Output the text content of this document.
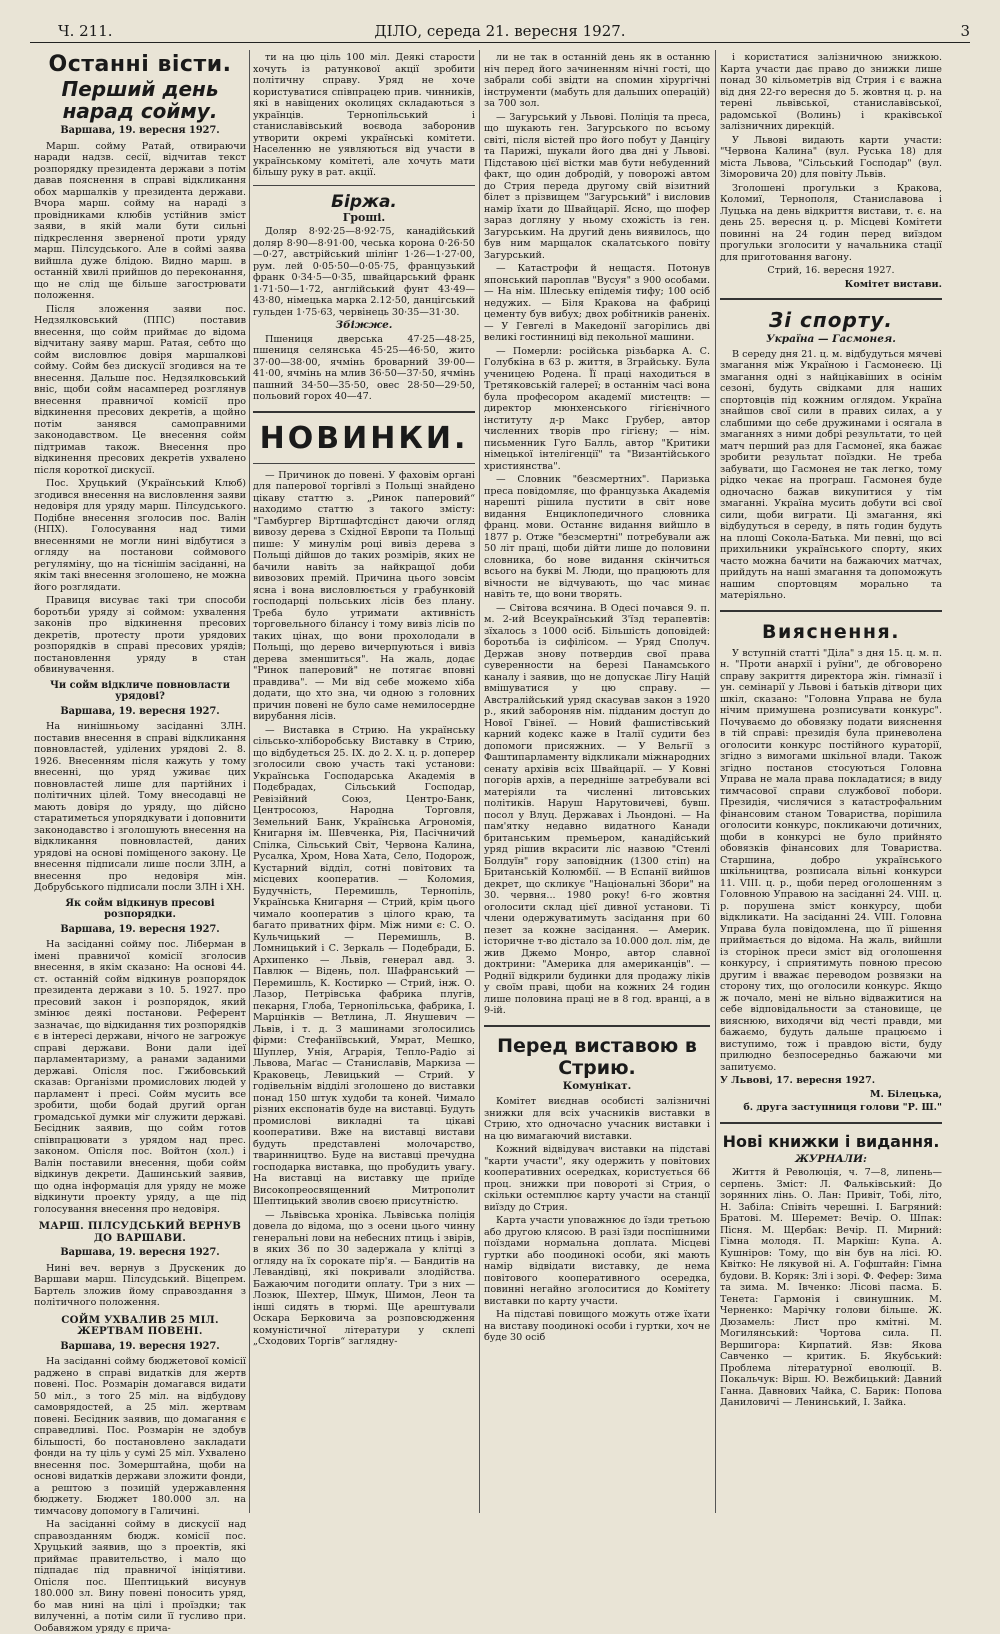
Ч. 211.	ДІЛО, середа 21. вересня 1927.	3
Останні вісти.
Перший день нарад сойму.
Варшава, 19. вересня 1927.

Марш. сойму Ратай, отвираючи наради надзв. сесії, відчитав текст розпорядку президента держави з потім давав пояснення в справі відкликання обох маршалків у президента держави. Вчора марш. сойму на нараді з провідниками клюбів устійнив зміст заяви, в якій мали бути сильні підкреслення зверненої проти уряду марш. Пілсудського. Але в соймі заява вийшла дуже блідою. Видно марш. в останній хвилі прийшов до переконання, що не слід ще більше загострювати положення.

Після зложення заяви пос. Недзялковський (ППС) поставив внесення, що сойм приймає до відома відчитану заяву марш. Ратая, себто що сойм висловлює довіря маршалкові сойму. Сойм без дискусії згодився на те внесення. Дальше пос. Недзялковський вніс, щоби сойм насамперед розглянув внесення правничої комісії про відкинення пресових декретів, а щойно потім занявся самоправними законодавством. Це внесення сойм підтримав також. Внесення про відкинення пресових декретів ухвалено після короткої дискусії.

Пос. Хруцький (Український Клюб) згодився внесення на висловлення заяви недовіря для уряду марш. Пілсудського. Подібне внесення зголосив пос. Валін (НПХ). Голосування над тими внесеннями не могли нині відбутися з огляду на постанови соймового регуляміну, що на тіснішім засіданні, на якім такі внесення зголошено, не можна його розглядати.

Правиця висуває такі три способи боротьби уряду зі соймом: ухвалення законів про відкинення пресових декретів, протесту проти урядових розпорядків в справі пресових урядів; постановлення уряду в стан обвинувачення.

Чи сойм відкличе повновласти урядові?
Варшава, 19. вересня 1927.

На нинішньому засіданні ЗЛН. поставив внесення в справі відкликання повновластей, уділених урядові 2. 8. 1926. Внесенням після кажуть у тому внесенні, що уряд уживає цих повновластей лише для партійних і політичних цілей. Тому внесодавці не мають довіря до уряду, що дійсно старатиметься упорядкувати і доповнити законодавство і зголошують внесення на відкликання повновластей, даних урядові на основі поміщеного закону. Це внесення підписали лише посли ЗЛН, а внесення про недовіря мін. Добрубського підписали посли ЗЛН і ХН.

Як сойм відкинув пресові розпорядки.
Варшава, 19. вересня 1927.

На засіданні сойму пос. Ліберман в імені правничої комісії зголосив внесення, в якім сказано: На основі 44. ст. останній сойм відкинув розпорядок президента держави з 10. 5. 1927. про пресовий закон і розпорядок, який змінює деякі постанови. Референт зазначає, що відкидання тих розпорядків є в інтересі держави, нічого не загрожує справі держави. Вони дали ідеї парламентаризму, а ранами заданими державі. Опісля пос. Гжибовський сказав: Організми промислових людей у парламент і пресі. Сойм мусить все зробити, щоби бодай другий орган громадської думки міг служити державі. Бесідник заявив, що сойм готов співпрацювати з урядом над прес. законом. Опісля пос. Войтон (хол.) і Валін поставили внесення, щоби сойм відкинув декрети. Дашинський заявив, що одна інформація для уряду не може відкинути проекту уряду, а ще під голосування внесення про недовіря.

МАРШ. ПІЛСУДСЬКИЙ ВЕРНУВ ДО ВАРШАВИ.
Варшава, 19. вересня 1927.

Нині веч. вернув з Друскеник до Варшави марш. Пілсудський. Віцепрем. Бартель зложив йому справоздання з політичного положення.

СОЙМ УХВАЛИВ 25 МІЛ. ЖЕРТВАМ ПОВЕНІ.
Варшава, 19. вересня 1927.

На засіданні сойму бюджетової комісії раджено в справі видатків для жертв повені. Пос. Розмарін домагався видати 50 міл., з того 25 міл. на відбудову самоврядостей, а 25 міл. жертвам повені. Бесідник заявив, що домагання є справедливі. Пос. Розмарін не здобув більшості, бо постановлено закладати фонди на ту ціль у сумі 25 міл. Ухвалено внесення пос. Зомерштайна, щоби на основі видатків держави зложити фонди, а рештою з позицій удержавлення бюджету. Бюджет 180.000 зл. на тимчасову допомогу в Галичині.

На засіданні сойму в дискусії над справозданням бюдж. комісії пос. Хруцький заявив, що з проектів, які приймає правительство, і мало що підпадає під правничої ініціятиви. Опісля пос. Шептицький висунув 180.000 зл. Вину повені поносить уряд, бо мав нині на цілі і проїздки; так вилученні, а потім сили її гусливо при. Ообавяжом уряду є прича-

ти на цю ціль 100 міл. Деякі старости хочуть із ратункової акції зробити політичну справу. Уряд не хоче користуватися співпрацею прив. чинників, які в навіщених околицях складаються з українців. Тернопільський і станиславівський воєвода заборонив утворити окремі українські комітети. Населенню не уявляються від участи в українському комітеті, але хочуть мати більшу руку в рат. акції.

Біржа.
Гроші.

Доляр 8·92·25—8·92·75, канадійський доляр 8·90—8·91·00, чеська корона 0·26·50—0·27, австрійський шілінг 1·26—1·27·00, рум. лей 0·05·50—0·05·75, французький франк 0·34·5—0·35, швайцарський франк 1·71·50—1·72, англійський фунт 43·49—43·80, німецька марка 2.12·50, данцігський гульден 1·75·63, червінець 30·35—31·30.

Збіжже.

Пшениця дверська 47·25—48·25, пшениця селянська 45·25—46·50, жито 37·00—38·00, ячмінь броварний 39·00—41·00, ячмінь на млив 36·50—37·50, ячмінь пашний 34·50—35·50, овес 28·50—29·50, польовий горох 40—47.

НОВИНКИ.

— Причинок до повені. У фаховім органі для паперової торгівлі з Польщі знайдено цікаву статтю з. „Ринок паперовий“ находимо статтю з такого змісту: "Гамбургер Віртшафтсдінст даючи огляд вивозу дерева з Східної Европи та Польщі пише: У минулім році вивіз дерева з Польщі дійшов до таких розмірів, яких не бачили навіть за найкращої доби вивозових премій. Причина цього зовсім ясна і вона висловлюється у грабунковій господарці польських лісів без плану. Треба було утримати активність торговельного білансу і тому вивіз лісів по таких цінах, що вони прохолодали в Польщі, що дерево вичерпуються і вивіз дерева зменшиться". На жаль, додає "Ринок паперовий" не потягає вповні правдива". — Ми від себе можемо хіба додати, що хто зна, чи одною з головних причин повені не було саме немилосердне вирубання лісів.

— Виставка в Стрию. На українську сільсько-хліборобську Виставку в Стрию, що відбудеться 25. IX. до 2. X. ц. р. доперер зголосили свою участь такі установи: Українська Господарська Академія в Подєбрадах, Сільський Господар, Ревізійний Союз, Центро-Банк, Центросоюз, Народна Торговля, Земельний Банк, Українська Агрономія, Книгарня ім. Шевченка, Рія, Пасічничий Спілка, Сільський Світ, Червона Калина, Русалка, Хром, Нова Хата, Село, Подорож, Кустарний відділ, сотні повітових та місцевих кооператив. — Коломия, Будучність, Перемишль, Тернопіль, Українська Книгарня — Стрий, крім цього чимало кооператив з цілого краю, та багато приватних фірм. Між ними є: С. О. Кульчицький — Перемишль, В. Ломницький і С. Зеркаль — Подебради, Б. Архипенко — Львів, генерал авд. З. Павлюк — Відень, пол. Шафранський — Перемишль, К. Костирко — Стрий, інж. О. Лазор, Петрівська фабрика плугів, пекарня, Глоба, Тернопільська, фабрика, І. Марцінків — Ветлина, Л. Янушевич — Львів, і т. д. З машинами зголосились фірми: Стефаніївський, Умрат, Мешко, Шуплер, Унія, Аграрія, Тепло-Радіо зі Львова, Маґас — Станиславів, Маркиза — Краковець, Левицький — Стрий. У годівельнім відділі зголошено до виставки понад 150 штук худоби та коней. Чимало різних експонатів буде на виставці. Будуть промислові викладні та цікаві кооперативи. Вже на виставці вистави будуть представлені молочарство, тваринництво. Буде на виставці пречудна господарка виставка, що пробудить увагу. На виставці на виставку ще приїде Високопреосвященний Митрополит Шептицький зволив своєю присутністю.

— Львівська хроніка. Львівська поліція довела до відома, що з осени цього чинну генеральні лови на небесних птиць і звірів, в яких 36 по 30 задержала у клітці з огляду на їх сорокате пір'я. — Бандитів на Левандівці, які покривали злодійства. Бажаючим погодити оплату. Три з них — Лозюк, Шехтер, Шмук, Шимон, Леон та інші сидять в тюрмі. Ще арештували Оскара Берковича за розповсюдження комуністичної літератури у склепі „Сходових Торгів“ заглядну-

ли не так в останній день як в останню ніч перед його зачиненням нічні гості, що забрали собі звідти на спомин хірургічні інструменти (мабуть для дальших операцій) за 700 зол.

— Загурський у Львові. Поліція та преса, що шукають ген. Загурського по всьому світі, після вістей про його побут у Данцігу та Парижі, шукали його два дні у Львові. Підставою цієї вістки мав бути небуденний факт, що один добродій, у поворожі автом до Стрия переда другому свій візитний білет з прізвищем "Загурський" і висловив намір їхати до Швайцарії. Ясно, що шофер зараз догляну у ньому схожість із ген. Загурським. На другий день виявилось, що був ним марщалок скалатського повіту Загурський.

— Катастрофи й нещастя. Потонув японський пароплав "Вусуя" з 900 особами. — На нім. Шлеську епідемія тифу; 100 осіб недужих. — Біля Кракова на фабриці цементу був вибух; двох робітників раненіх. — У Гевгелі в Македонії загорілись дві великі гостинниці від пекольної машини.

— Померли: російська різьбарка А. С. Голубкіна в 63 р. життя, в Зграйську. Була ученицею Родена. Її праці находиться в Третяковській галереї; в останнім часі вона була професором академії мистецтв: — директор мюнхенського гігієнічного інституту д-р Макс Грубер, автор численних творів про гігієну; — нім. письменник Гуго Балль, автор "Критики німецької інтелігенції" та "Византійського християнства".

— Словник "безсмертних". Паризька преса повідомляє, що французька Академія нарешті рішила пустити в світ нове видання Енциклопедичного словника франц. мови. Останнє видання вийшло в 1877 р. Отже "безсмертні" потребували аж 50 літ праці, щоби дійти лише до половини словника, бо нове видання скінчиться всього на букві М. Люди, що працюють для вічности не відчувають, що час минає навіть те, що вони творять.

— Світова всячина. В Одесі почався 9. п. м. 2-ий Всеукраїнський З'їзд терапевтів: зїхалось з 1000 осіб. Більшість доповідей: боротьба із сифілісом. — Уряд Сполуч. Держав знову потвердив свої права суверенности на березі Панамського каналу і заявив, що не допускає Лігу Націй вмішуватися у цю справу. — Австралійський уряд скасував закон з 1920 р., який забороняв нім. підданим доступ до Нової Гвінеї. — Новий фашистівський карний кодекс каже в Італії судити без допомоги присяжних. — У Вельгії з Фаштипарламенту відкликали міжнародних сенату архівів всіх Швайцарії. — У Ковні погорів архів, а передніше затребували всі матеріяли та численні литовських політиків. Наруш Нарутовичеві, бувш. посол у Влуц. Державах і Льондоні. — На пам'ятку недавно видатного Канади британським премьером, канадійський уряд рішив вкрасити ліс назвою "Стенлі Болдуїн" гору заповідник (1300 стіп) на Британській Колюмбії. — В Еспанії вийшов декрет, що скликує "Національні Збори" на 30. червня... 1980 року! 6-го жовтня оголосити склад цієї дивної установи. Ті члени одержуватимуть засідання при 60 пезет за кожне засідання. — Америк. історичне т-во дістало за 10.000 дол. лім, де жив Джемо Монро, автор славної доктрини: "Америка для американців". — Роднії відкрили будинки для продажу ліків у своїм праві, щоби на кожних 24 годин лише половина праці не в 8 год. вранці, а в 9-ій.

Перед виставою в Стрию.
Комунікат.

Комітет виєднав особисті залізничні знижки для всіх учасників виставки в Стрию, хто одночасно учасник виставки і на цю вимагаючий виставки.

Кожний відвідувач виставки на підставі "карти участи", яку одержить у повітових кооперативних осередках, користується 66 проц. знижки при повороті зі Стрия, о скільки остемплює карту участи на станції виїзду до Стрия.

Карта участи уповажнює до їзди третьою або другою клясою. В разі їзди поспішними поїздами нормальна доплата. Місцеві гуртки або поодинокі особи, які мають намір відвідати виставку, де нема повітового кооперативного осередка, повинні негайно зголоситися до Комітету виставки по карту участи.

На підставі повищого можуть отже їхати на виставу поодинокі особи і гуртки, хоч не буде 30 осіб

і користатися залізничною знижкою. Карта участи дає право до знижки лише понад 30 кільометрів від Стрия і є важна від дня 22-го вересня до 5. жовтня ц. р. на терені львівської, станиславівської, радомської (Волинь) і краківської залізничних дирекцій.

У Львові видають карти участи: "Червона Калина" (вул. Руська 18) для міста Львова, "Сільський Господар" (вул. Зіморовича 20) для повіту Львів.

Зголошені прогульки з Кракова, Коломиї, Тернополя, Станиславова і Луцька на день відкриття вистави, т. є. на день 25. вересня ц. р. Місцеві Комітети повинні на 24 годин перед виїздом прогульки зголосити у начальника стації для приготовання вагону.

Стрий, 16. вересня 1927.
Комітет вистави.
Зі спорту.
Україна — Гасмонея.

В середу дня 21. ц. м. відбудуться мячеві змагання між Україною і Гасмонеєю. Ці змагання одні з найцікавіших в осінім сезоні, будуть свідками для наших спортовців під кожним оглядом. Україна знайшов свої сили в правих силах, а у слабшими що себе дружинами і осягала в змаганнях з ними добрі результати, то цей матч перший раз для Гасмонеї, яка бажає зробити результат поїздки. Не треба забувати, що Гасмонея не так легко, тому рідко чекає на програш. Гасмонея буде одночасно бажав викупитися у тім змаганні. Україна мусить добути всі свої сили, щоби виграти. Ці змагання, які відбудуться в середу, в пять годин будуть на площі Сокола-Батька. Ми певні, що всі прихильники українського спорту, яких часто можна бачити на бажаючих матчах, прийдуть на наші змагання та допоможуть нашим спортовцям морально та матеріяльно.

Вияснення.

У вступній статті "Діла" з дня 15. ц. м. п. н. "Проти анархії і руїни", де обговорено справу закриття директора жін. гімназії і ун. семінарії у Львові і батьків дітвори цих шкіл, сказано: "Головна Управа не була нічим примушена розписувати конкурс". Почуваємо до обовязку подати вияснення в тій справі: президія була приневолена оголосити конкурс постійного кураторії, згідно з вимогами шкільної влади. Також згідно постанов стосуються Головна Управа не мала права покладатися; в виду тимчасової справи службової побори. Президія, числячися з катастрофальним фінансовим станом Товариства, порішила оголосити конкурс, покликаючи дотичних, щоби в конкурсі не було прийнято обовязків фінансових для Товариства. Старшина, добро українського шкільництва, розписала вільні конкурси 11. VIII. ц. р., щоби перед оголошенням з Головною Управою на засіданні 24. VIII. ц. р. порушена зміст конкурсу, щоби відкликати. На засіданні 24. VIII. Головна Управа була повідомлена, що її рішення приймається до відома. На жаль, вийшли із сторінок преси зміст від оголошення конкурсу, і сприятимуть повною пресою другим і вважає переводом розвязки на сторону тих, що оголосили конкурс. Якщо ж почало, мені не вільно відважитися на себе відповідальности за становище, це вияснюю, виходячи від честі правди, ми бажаємо, будуть дальше працюємо і виступимо, тож і правдою вісти, буду прилюдно безпосередньо бажаючи ми запитуємо.

У Львові, 17. вересня 1927.
М. Білецька,
б. друга заступниця голови "Р. Ш."
Нові книжки і видання.
ЖУРНАЛИ:

Життя й Революція, ч. 7—8, липень—серпень. Зміст: Л. Фальківський: До зорянних лінь. О. Лан: Привіт, Тобі, літо, Н. Забіла: Співіть черешні. І. Багряний: Братові. М. Шеремет: Вечір. О. Шпак: Пісня. М. Щербак: Вечір. П. Мирний: Гімна молодя. П. Маркіш: Купа. А. Кушніров: Тому, що він був на лісі. Ю. Квітко: Не лякувой ні. А. Гофштайн: Гімна будови. В. Коряк: Злі і зорі. Ф. Фефер: Зима та зима. М. Івченко: Лісові пасма. Б. Тенета: Гармонія і свинушник. М. Черненко: Марічку голови більше. Ж. Дюзамель: Лист про кмітні. М. Могилянський: Чортова сила. П. Вершигора: Кирпатий. Язв: Якова Савченко — критик. Б. Якубський: Проблема літературної еволюції. В. Покальчук: Вірш. Ю. Вежбицький: Давний Ганна. Давнових Чайка, С. Барик: Попова Даниловичі — Ленинський, І. Зайка.
